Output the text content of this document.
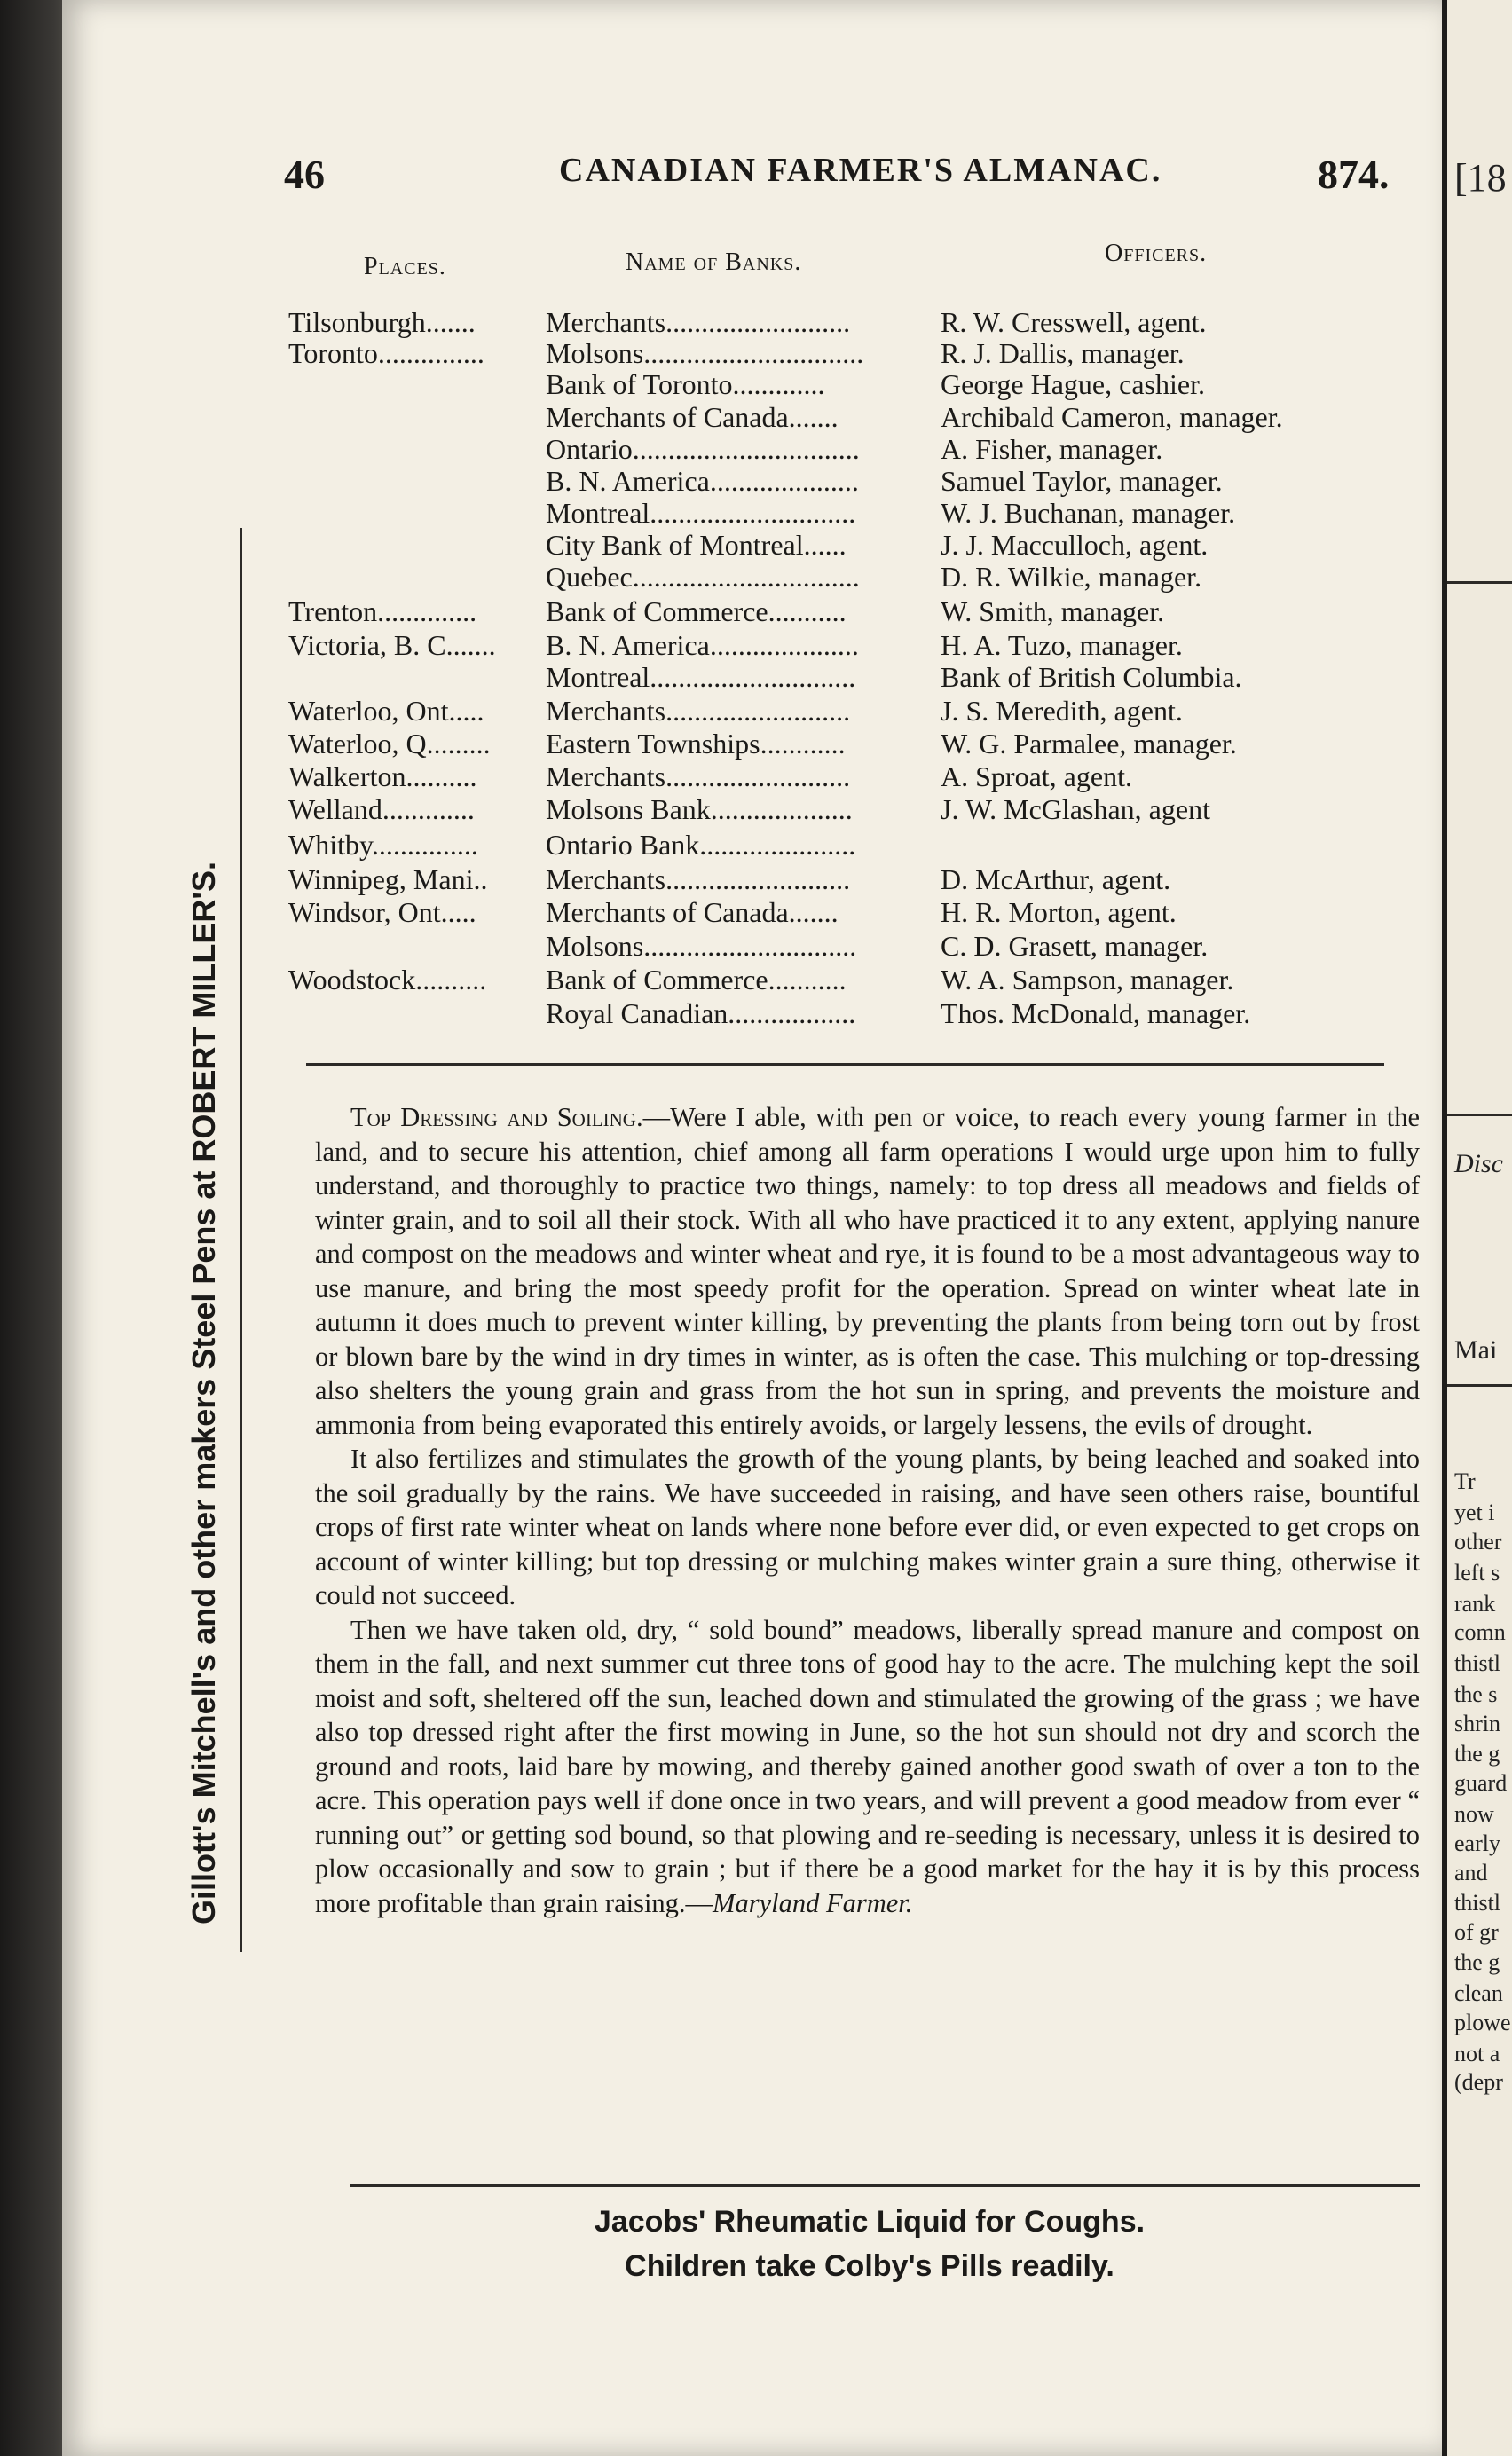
46	CANADIAN FARMER'S ALMANAC.	874.
Places.	Name of Banks.	Officers.
Gillott's Mitchell's and other makers Steel Pens at ROBERT MILLER'S.
Tilsonburgh....... Merchants..........................	R. W. Cresswell, agent.
Toronto............... Molsons...............................	R. J. Dallis, manager.
Bank of Toronto.............	George Hague, cashier.
Merchants of Canada.......	Archibald Cameron, manager.
Ontario................................	A. Fisher, manager.
B. N. America.....................	Samuel Taylor, manager.
Montreal.............................	W. J. Buchanan, manager.
City Bank of Montreal......	J. J. Macculloch, agent.
Quebec................................	D. R. Wilkie, manager.
Trenton.............. Bank of Commerce...........	W. Smith, manager.
Victoria, B. C....... B. N. America.....................	H. A. Tuzo, manager.
Montreal.............................	Bank of British Columbia.
Waterloo, Ont..... Merchants..........................	J. S. Meredith, agent.
Waterloo, Q......... Eastern Townships............	W. G. Parmalee, manager.
Walkerton.......... Merchants..........................	A. Sproat, agent.
Welland.............	Molsons Bank....................	J. W. McGlashan, agent
Whitby............... Ontario Bank......................
Winnipeg, Mani.. Merchants..........................	D. McArthur, agent.
Windsor, Ont..... Merchants of Canada.......	H. R. Morton, agent.
Molsons..............................	C. D. Grasett, manager.
Woodstock.......... Bank of Commerce...........	W. A. Sampson, manager.
Royal Canadian..................	Thos. McDonald, manager.

Top Dressing and Soiling.—Were I able, with pen or voice, to reach every young farmer in the land, and to secure his attention, chief among all farm operations I would urge upon him to fully understand, and thoroughly to practice two things, namely: to top dress all meadows and fields of winter grain, and to soil all their stock. With all who have practiced it to any extent, applying nanure and compost on the meadows and winter wheat and rye, it is found to be a most advantageous way to use manure, and bring the most speedy profit for the operation. Spread on winter wheat late in autumn it does much to prevent winter killing, by preventing the plants from being torn out by frost or blown bare by the wind in dry times in winter, as is often the case. This mulching or top-dressing also shelters the young grain and grass from the hot sun in spring, and prevents the moisture and ammonia from being evaporated this entirely avoids, or largely lessens, the evils of drought.

It also fertilizes and stimulates the growth of the young plants, by being leached and soaked into the soil gradually by the rains. We have succeeded in raising, and have seen others raise, bountiful crops of first rate winter wheat on lands where none before ever did, or even expected to get crops on account of winter killing; but top dressing or mulching makes winter grain a sure thing, otherwise it could not succeed.

Then we have taken old, dry, “ sold bound” meadows, liberally spread manure and compost on them in the fall, and next summer cut three tons of good hay to the acre. The mulching kept the soil moist and soft, sheltered off the sun, leached down and stimulated the growing of the grass ; we have also top dressed right after the first mowing in June, so the hot sun should not dry and scorch the ground and roots, laid bare by mowing, and thereby gained another good swath of over a ton to the acre. This operation pays well if done once in two years, and will prevent a good meadow from ever “ running out” or getting sod bound, so that plowing and re-seeding is necessary, unless it is desired to plow occasionally and sow to grain ; but if there be a good market for the hay it is by this process more profitable than grain raising.—Maryland Farmer.

Jacobs' Rheumatic Liquid for Coughs.
Children take Colby's Pills readily.
[18
Disc
Mai
Tr
yet i
other
left s
rank
comn
thistl
the s
shrin
the g
guard
now
early
and
thistl
of gr
the g
clean
plowe
not a
(depr
